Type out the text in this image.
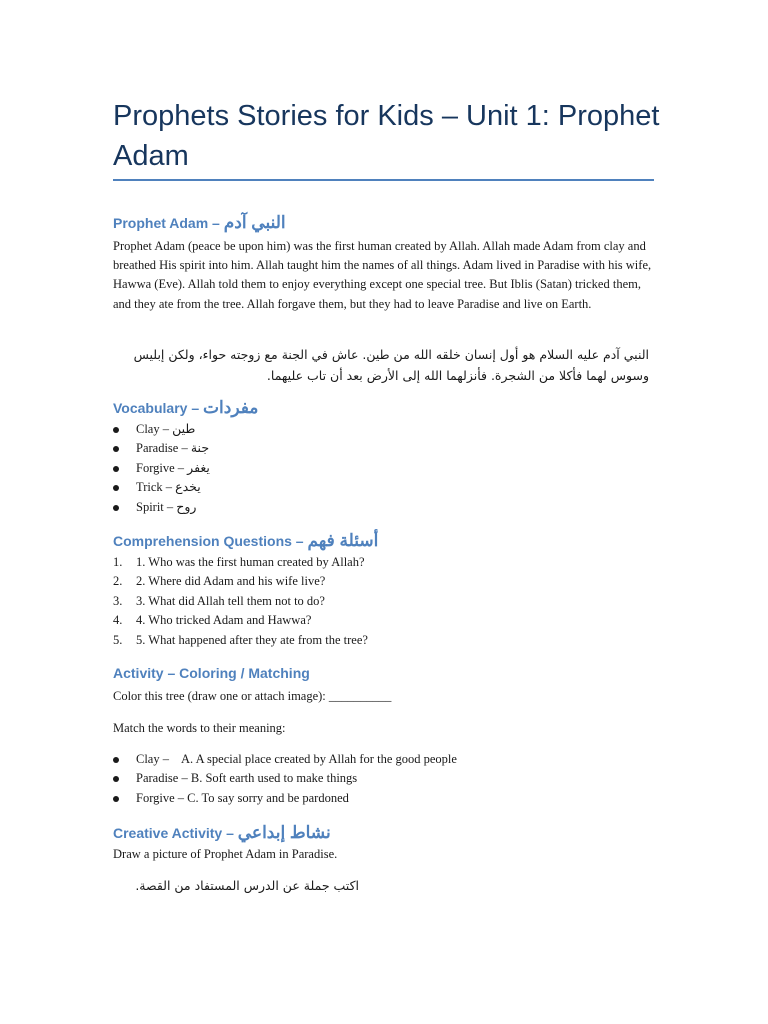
Prophets Stories for Kids – Unit 1: Prophet Adam
Prophet Adam – النبي آدم
Prophet Adam (peace be upon him) was the first human created by Allah. Allah made Adam from clay and breathed His spirit into him. Allah taught him the names of all things. Adam lived in Paradise with his wife, Hawwa (Eve). Allah told them to enjoy everything except one special tree. But Iblis (Satan) tricked them, and they ate from the tree. Allah forgave them, but they had to leave Paradise and live on Earth.
النبي آدم عليه السلام هو أول إنسان خلقه الله من طين. عاش في الجنة مع زوجته حواء، ولكن إبليس وسوس لهما فأكلا من الشجرة. فأنزلهما الله إلى الأرض بعد أن تاب عليهما.
Vocabulary – مفردات
Clay – طين
Paradise – جنة
Forgive – يغفر
Trick – يخدع
Spirit – روح
Comprehension Questions – أسئلة فهم
1. 1. Who was the first human created by Allah?
2. 2. Where did Adam and his wife live?
3. 3. What did Allah tell them not to do?
4. 4. Who tricked Adam and Hawwa?
5. 5. What happened after they ate from the tree?
Activity – Coloring / Matching
Color this tree (draw one or attach image): __________
Match the words to their meaning:
Clay – A. A special place created by Allah for the good people
Paradise – B. Soft earth used to make things
Forgive – C. To say sorry and be pardoned
Creative Activity – نشاط إبداعي
Draw a picture of Prophet Adam in Paradise.
اكتب جملة عن الدرس المستفاد من القصة.
